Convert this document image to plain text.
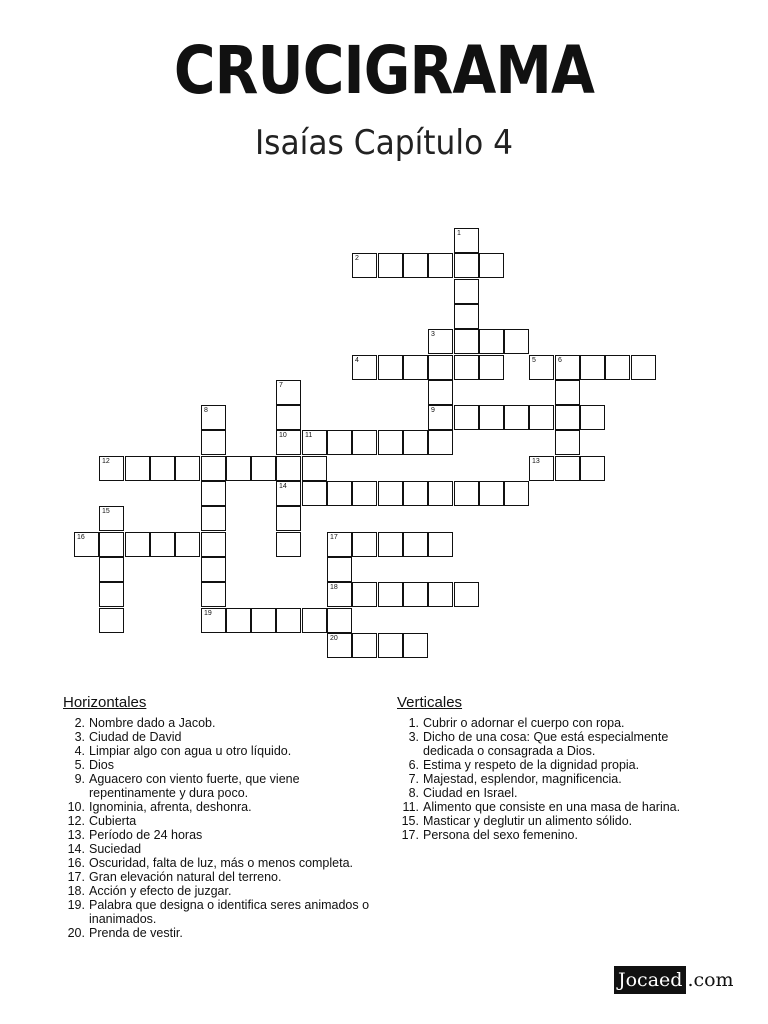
CRUCIGRAMA
Isaías Capítulo 4
1
2
3
9
4	5	6
7
10
14
8
19
11
12	13
15
16	17
18
20
Horizontales
2. Nombre dado a Jacob.
3. Ciudad de David
4. Limpiar algo con agua u otro líquido.
5. Dios
9. Aguacero con viento fuerte, que viene repentinamente y dura poco.
10. Ignominia, afrenta, deshonra.
12. Cubierta
13. Período de 24 horas
14. Suciedad
16. Oscuridad, falta de luz, más o menos completa.
17. Gran elevación natural del terreno.
18. Acción y efecto de juzgar.
19. Palabra que designa o identifica seres animados o inanimados.
20. Prenda de vestir.
Verticales
1. Cubrir o adornar el cuerpo con ropa.
3. Dicho de una cosa: Que está especialmente dedicada o consagrada a Dios.
6. Estima y respeto de la dignidad propia.
7. Majestad, esplendor, magnificencia.
8. Ciudad en Israel.
11. Alimento que consiste en una masa de harina.
15. Masticar y deglutir un alimento sólido.
17. Persona del sexo femenino.
Jocaed .com
